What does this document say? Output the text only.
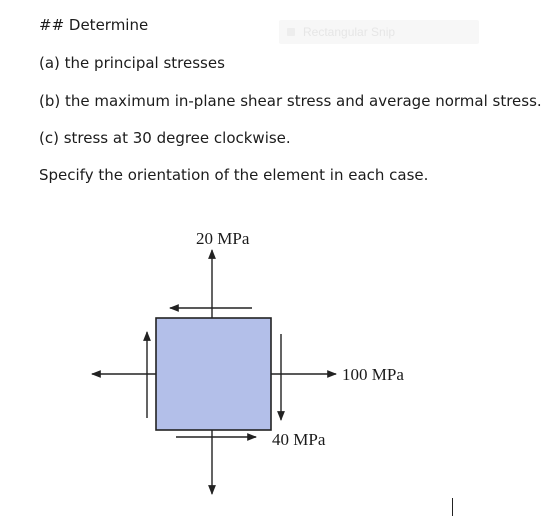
## Determine
(a) the principal stresses
(b) the maximum in-plane shear stress and average normal stress.
(c) stress at 30 degree clockwise.
Specify the orientation of the element in each case.
Rectangular Snip
20 MPa
100 MPa
40 MPa
